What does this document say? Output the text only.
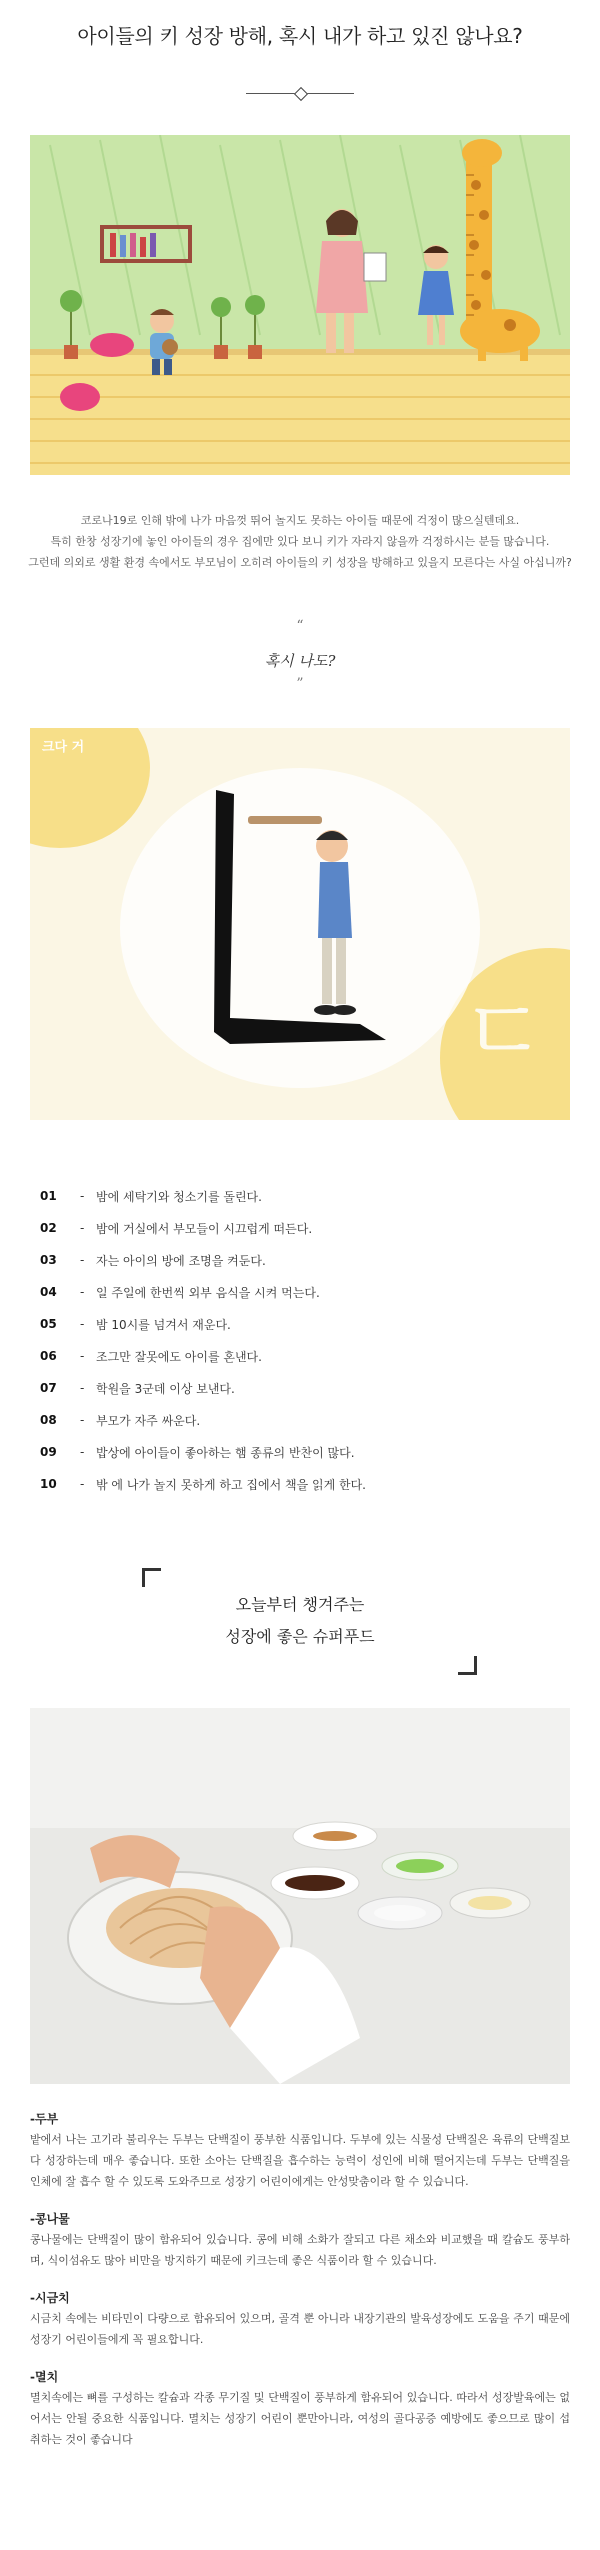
아이들의 키 성장 방해, 혹시 내가 하고 있진 않나요?
코로나19로 인해 밖에 나가 마음껏 뛰어 놀지도 못하는 아이들 때문에 걱정이 많으실텐데요.
특히 한창 성장기에 놓인 아이들의 경우 집에만 있다 보니 키가 자라지 않을까 걱정하시는 분들 많습니다.
그런데 의외로 생활 환경 속에서도 부모님이 오히려 아이들의 키 성장을 방해하고 있을지 모른다는 사실 아십니까?
“
혹시 나도?
”
크다 거
ㄷ
01	- 밤에 세탁기와 청소기를 돌린다.
02	- 밤에 거실에서 부모들이 시끄럽게 떠든다.
03	- 자는 아이의 방에 조명을 켜둔다.
04	- 일 주일에 한번씩 외부 음식을 시켜 먹는다.
05	- 밤 10시를 넘겨서 재운다.
06	- 조그만 잘못에도 아이를 혼낸다.
07	- 학원을 3군데 이상 보낸다.
08	- 부모가 자주 싸운다.
09	- 밥상에 아이들이 좋아하는 햄 종류의 반찬이 많다.
10	- 밖 에 나가 놀지 못하게 하고 집에서 책을 읽게 한다.
오늘부터 챙겨주는
성장에 좋은 슈퍼푸드
-두부
밭에서 나는 고기라 불리우는 두부는 단백질이 풍부한 식품입니다. 두부에 있는 식물성 단백질은 육류의 단백질보다 성장하는데 매우 좋습니다. 또한 소아는 단백질을 흡수하는 능력이 성인에 비해 떨어지는데 두부는 단백질을 인체에 잘 흡수 할 수 있도록 도와주므로 성장기 어린이에게는 안성맞춤이라 할 수 있습니다.
-콩나물
콩나물에는 단백질이 많이 함유되어 있습니다. 콩에 비해 소화가 잘되고 다른 채소와 비교했을 때 칼슘도 풍부하며, 식이섬유도 많아 비만을 방지하기 때문에 키크는데 좋은 식품이라 할 수 있습니다.
-시금치
시금치 속에는 비타민이 다량으로 함유되어 있으며, 골격 뿐 아니라 내장기관의 발육성장에도 도움을 주기 때문에 성장기 어린이들에게 꼭 필요합니다.
-멸치
멸치속에는 뼈를 구성하는 칼슘과 각종 무기질 및 단백질이 풍부하게 함유되어 있습니다. 따라서 성장발육에는 없어서는 안될 중요한 식품입니다. 멸치는 성장기 어린이 뿐만아니라, 여성의 골다공증 예방에도 좋으므로 많이 섭취하는 것이 좋습니다
